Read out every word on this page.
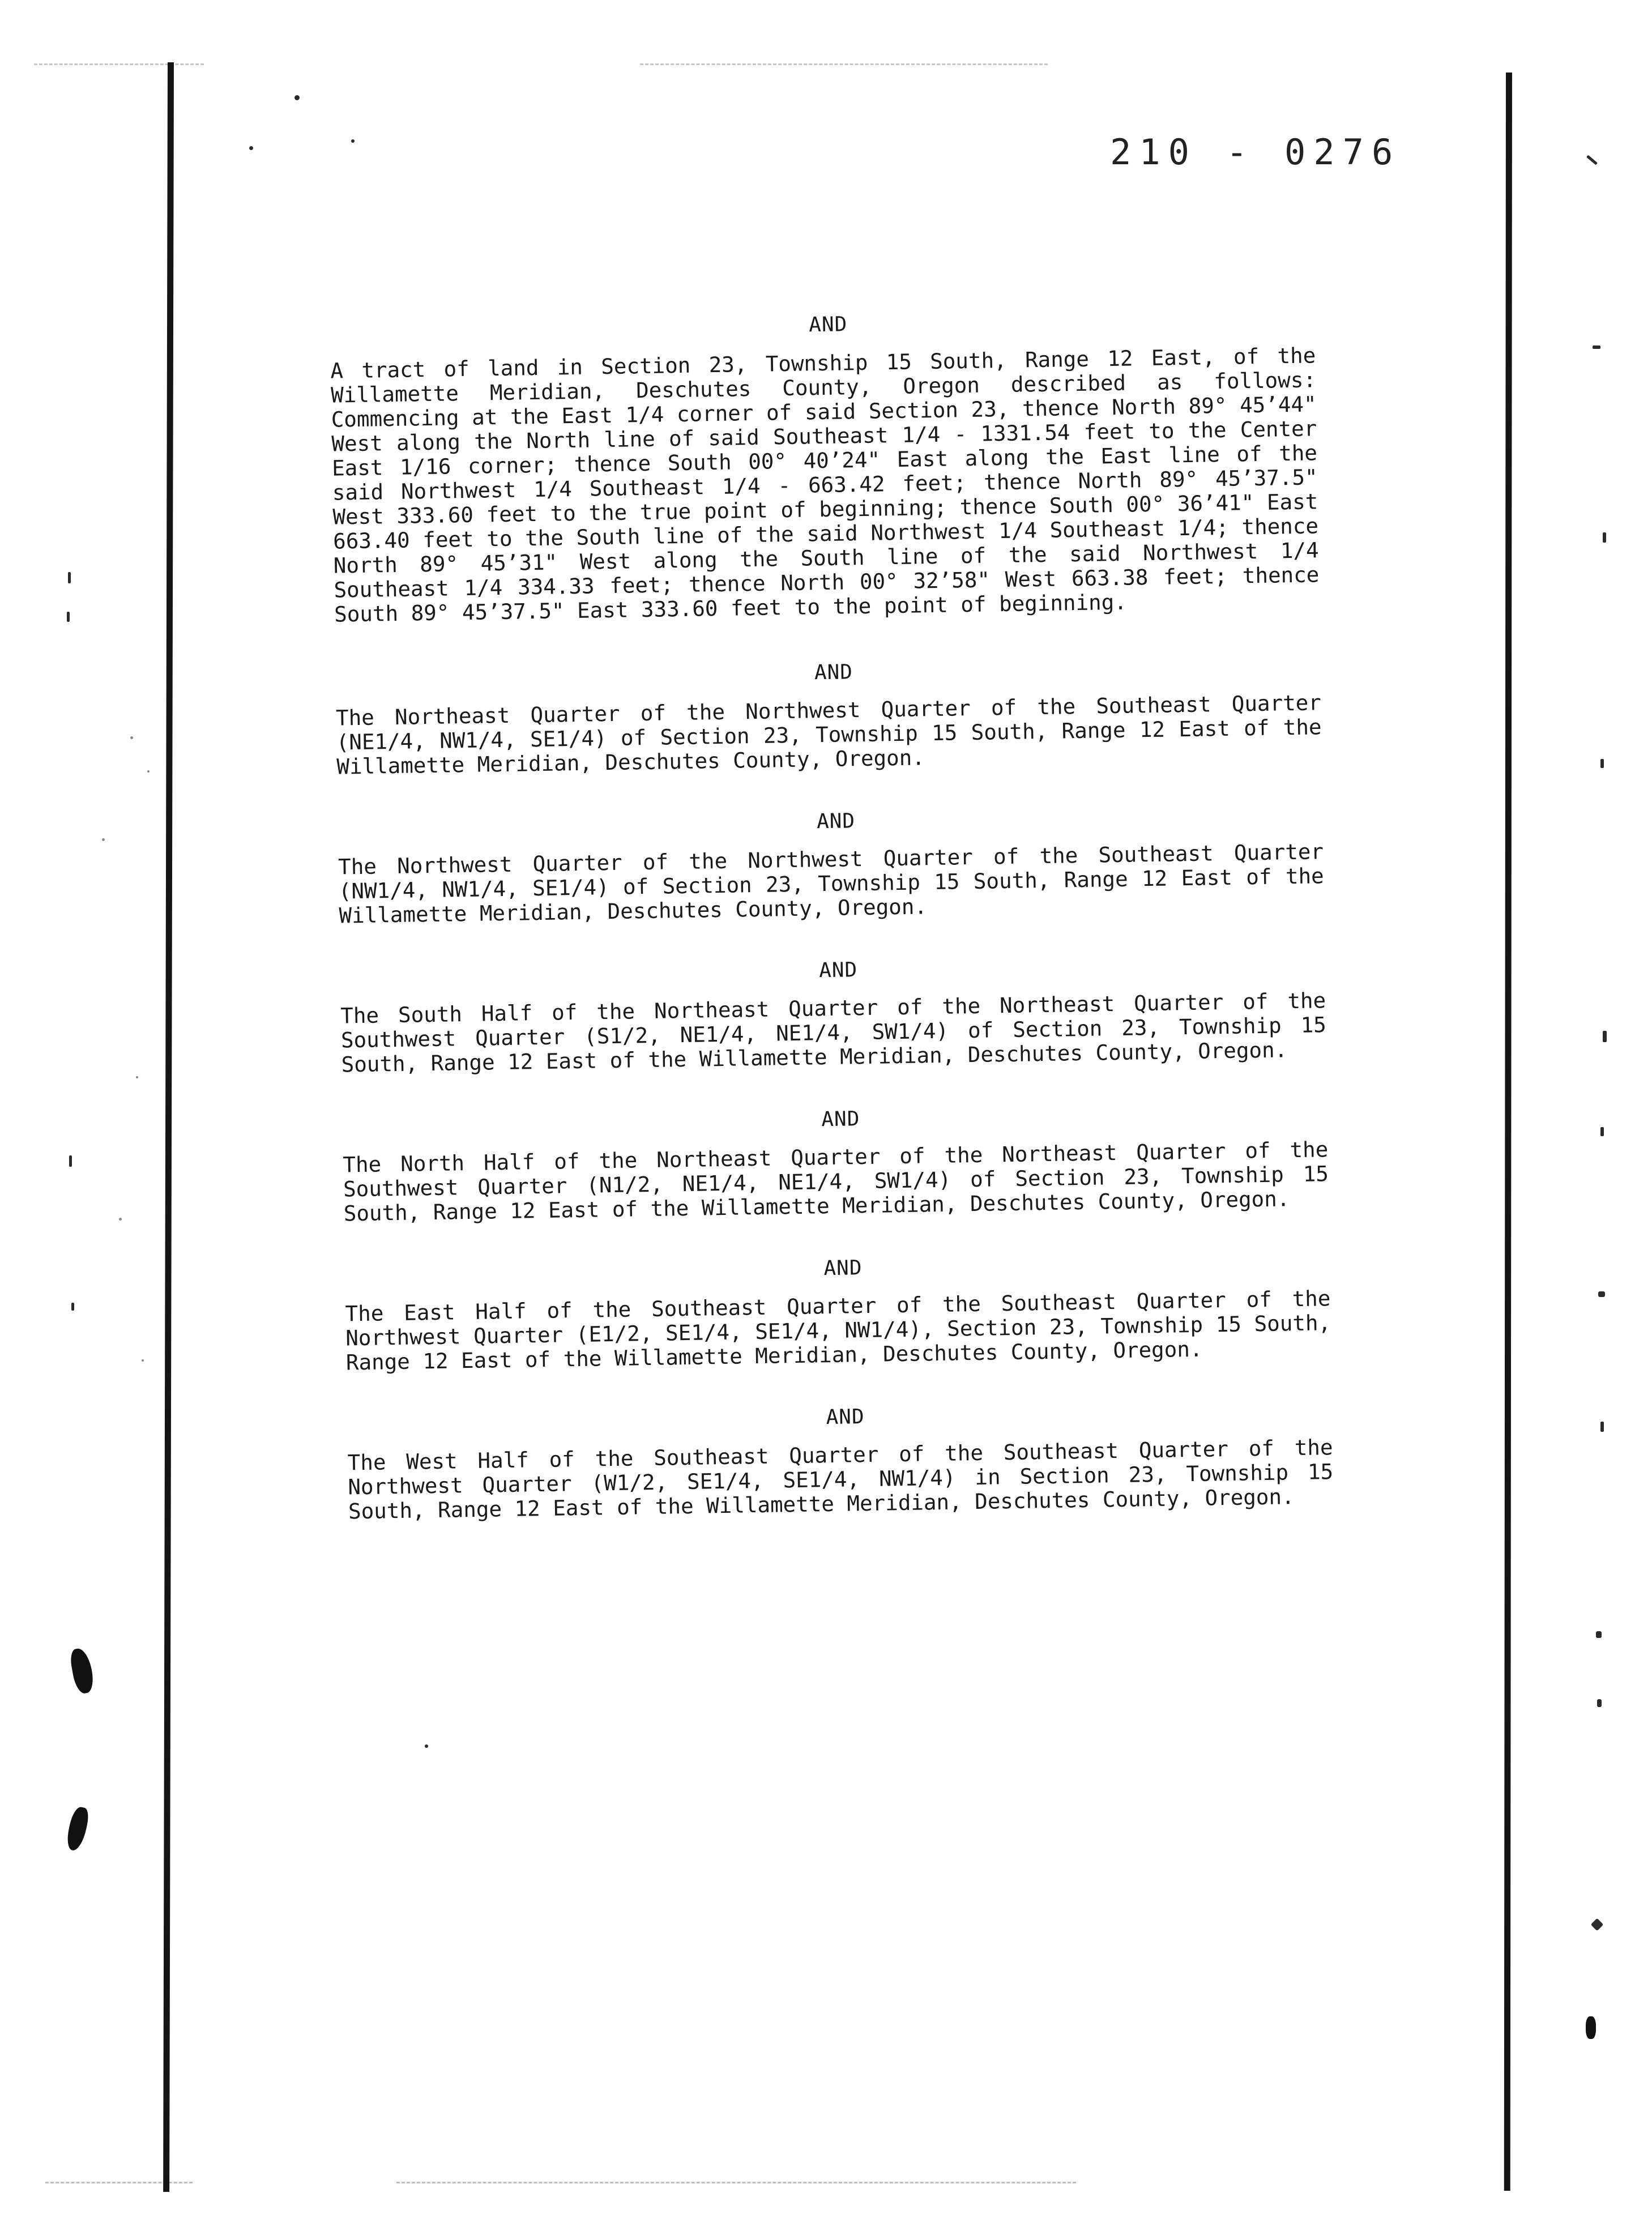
210 - 0276
AND

A tract of land in Section 23, Township 15 South, Range 12 East, of the Willamette Meridian, Deschutes County, Oregon described as follows: Commencing at the East 1/4 corner of said Section 23, thence North 89° 45’44" West along the North line of said Southeast 1/4 - 1331.54 feet to the Center East 1/16 corner; thence South 00° 40’24" East along the East line of the said Northwest 1/4 Southeast 1/4 - 663.42 feet; thence North 89° 45’37.5" West 333.60 feet to the true point of beginning; thence South 00° 36’41" East 663.40 feet to the South line of the said Northwest 1/4 Southeast 1/4; thence North 89° 45’31" West along the South line of the said Northwest 1/4 Southeast 1/4 334.33 feet; thence North 00° 32’58" West 663.38 feet; thence South 89° 45’37.5" East 333.60 feet to the point of beginning.

AND

The Northeast Quarter of the Northwest Quarter of the Southeast Quarter (NE1/4, NW1/4, SE1/4) of Section 23, Township 15 South, Range 12 East of the Willamette Meridian, Deschutes County, Oregon.

AND

The Northwest Quarter of the Northwest Quarter of the Southeast Quarter (NW1/4, NW1/4, SE1/4) of Section 23, Township 15 South, Range 12 East of the Willamette Meridian, Deschutes County, Oregon.

AND

The South Half of the Northeast Quarter of the Northeast Quarter of the Southwest Quarter (S1/2, NE1/4, NE1/4, SW1/4) of Section 23, Township 15 South, Range 12 East of the Willamette Meridian, Deschutes County, Oregon.

AND

The North Half of the Northeast Quarter of the Northeast Quarter of the Southwest Quarter (N1/2, NE1/4, NE1/4, SW1/4) of Section 23, Township 15 South, Range 12 East of the Willamette Meridian, Deschutes County, Oregon.

AND

The East Half of the Southeast Quarter of the Southeast Quarter of the Northwest Quarter (E1/2, SE1/4, SE1/4, NW1/4), Section 23, Township 15 South, Range 12 East of the Willamette Meridian, Deschutes County, Oregon.

AND

The West Half of the Southeast Quarter of the Southeast Quarter of the Northwest Quarter (W1/2, SE1/4, SE1/4, NW1/4) in Section 23, Township 15 South, Range 12 East of the Willamette Meridian, Deschutes County, Oregon.
